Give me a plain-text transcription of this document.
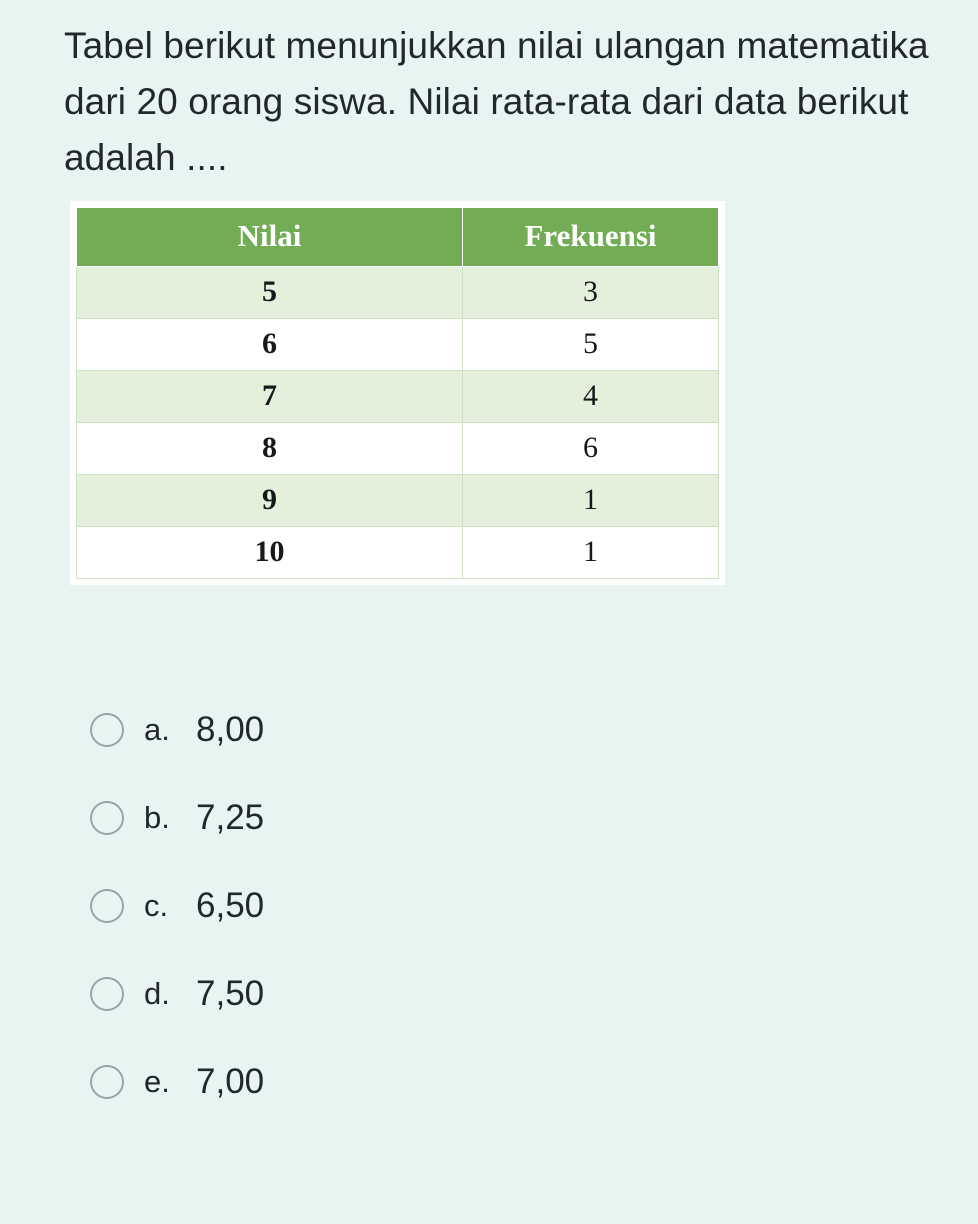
Tabel berikut menunjukkan nilai ulangan matematika dari 20 orang siswa. Nilai rata-rata dari data berikut adalah ....

Nilai	Frekuensi
5	3
6	5
7	4
8	6
9	1
10	1
a. 8,00
b. 7,25
c. 6,50
d. 7,50
e. 7,00
